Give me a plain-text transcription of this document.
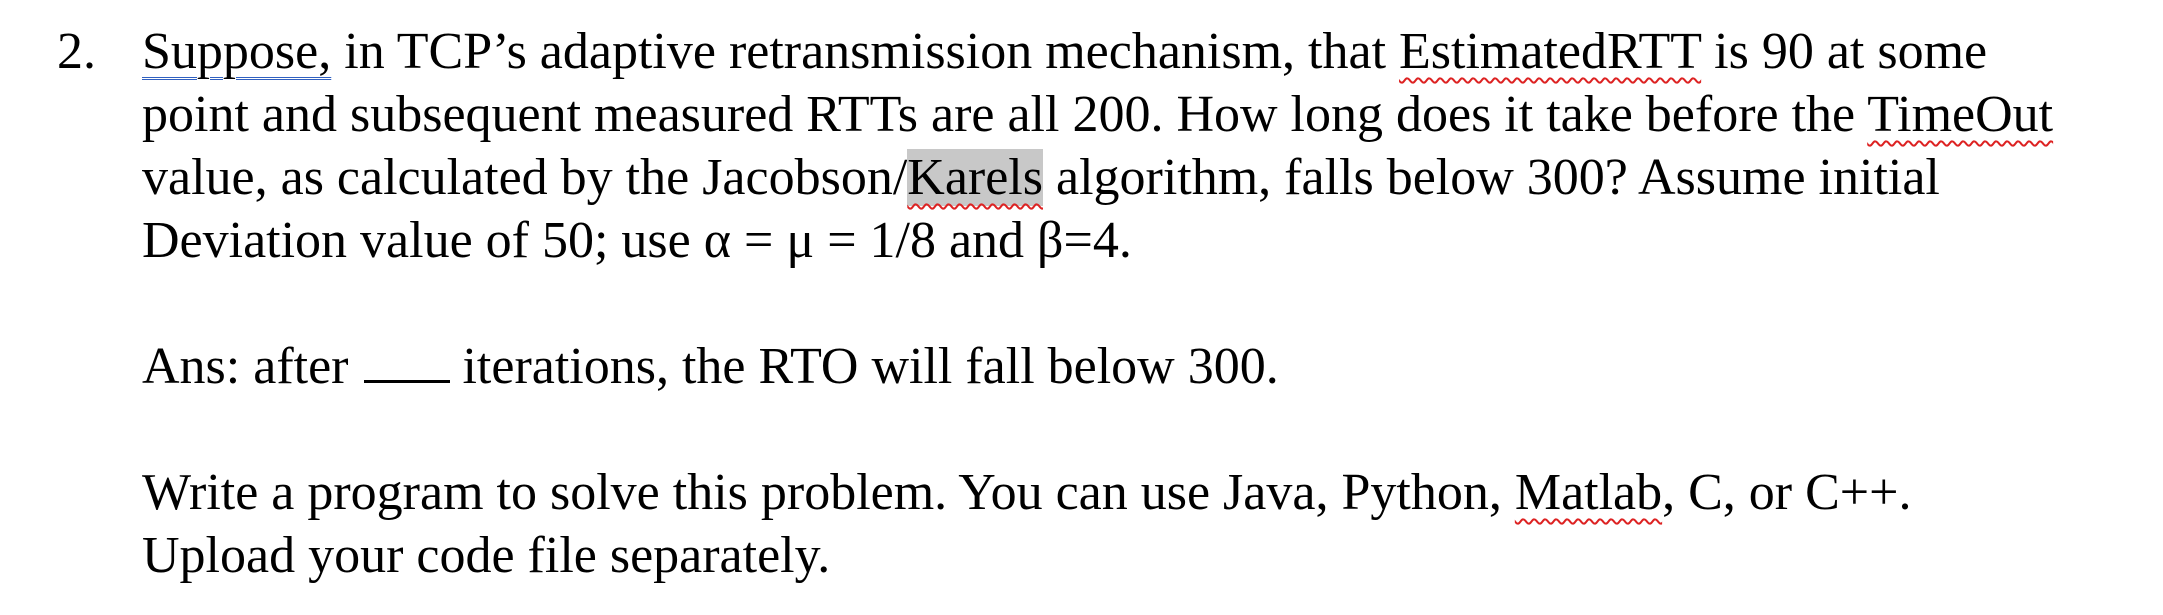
2. Suppose, in TCP’s adaptive retransmission mechanism, that EstimatedRTT is 90 at some
point and subsequent measured RTTs are all 200. How long does it take before the TimeOut
value, as calculated by the Jacobson/Karels algorithm, falls below 300? Assume initial
Deviation value of 50; use α = μ = 1/8 and β=4.
Ans: after iterations, the RTO will fall below 300.
Write a program to solve this problem. You can use Java, Python, Matlab, C, or C++.
Upload your code file separately.
